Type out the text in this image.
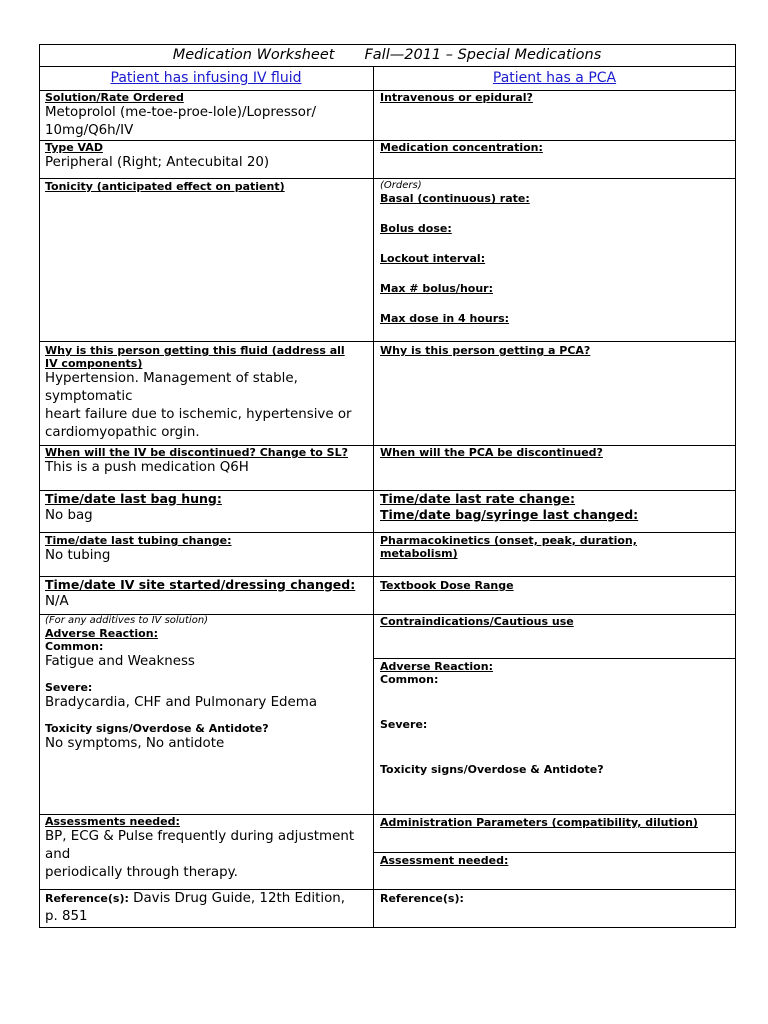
Medication Worksheet Fall—2011 – Special Medications
Patient has infusing IV fluid	Patient has a PCA
Solution/Rate Ordered
Metoprolol (me-toe-proe-lole)/Lopressor/
10mg/Q6h/IV
Type VAD
Peripheral (Right; Antecubital 20)
Tonicity (anticipated effect on patient)
Why is this person getting this fluid (address all
IV components)
Hypertension. Management of stable,
symptomatic
heart failure due to ischemic, hypertensive or
cardiomyopathic orgin.
When will the IV be discontinued? Change to SL?
This is a push medication Q6H
Time/date last bag hung:
No bag
Time/date last tubing change:
No tubing
Time/date IV site started/dressing changed:
N/A
(For any additives to IV solution)
Adverse Reaction:
Common:
Fatigue and Weakness
Severe:
Bradycardia, CHF and Pulmonary Edema
Toxicity signs/Overdose & Antidote?
No symptoms, No antidote
Assessments needed:
BP, ECG & Pulse frequently during adjustment
and
periodically through therapy.
Reference(s): Davis Drug Guide, 12th Edition,
p. 851
Intravenous or epidural?
Medication concentration:
(Orders)
Basal (continuous) rate:
Bolus dose:
Lockout interval:
Max # bolus/hour:
Max dose in 4 hours:
Why is this person getting a PCA?
When will the PCA be discontinued?
Time/date last rate change:
Time/date bag/syringe last changed:
Pharmacokinetics (onset, peak, duration,
metabolism)
Textbook Dose Range
Contraindications/Cautious use
Adverse Reaction:
Common:
Severe:
Toxicity signs/Overdose & Antidote?
Administration Parameters (compatibility, dilution)
Assessment needed:
Reference(s):
